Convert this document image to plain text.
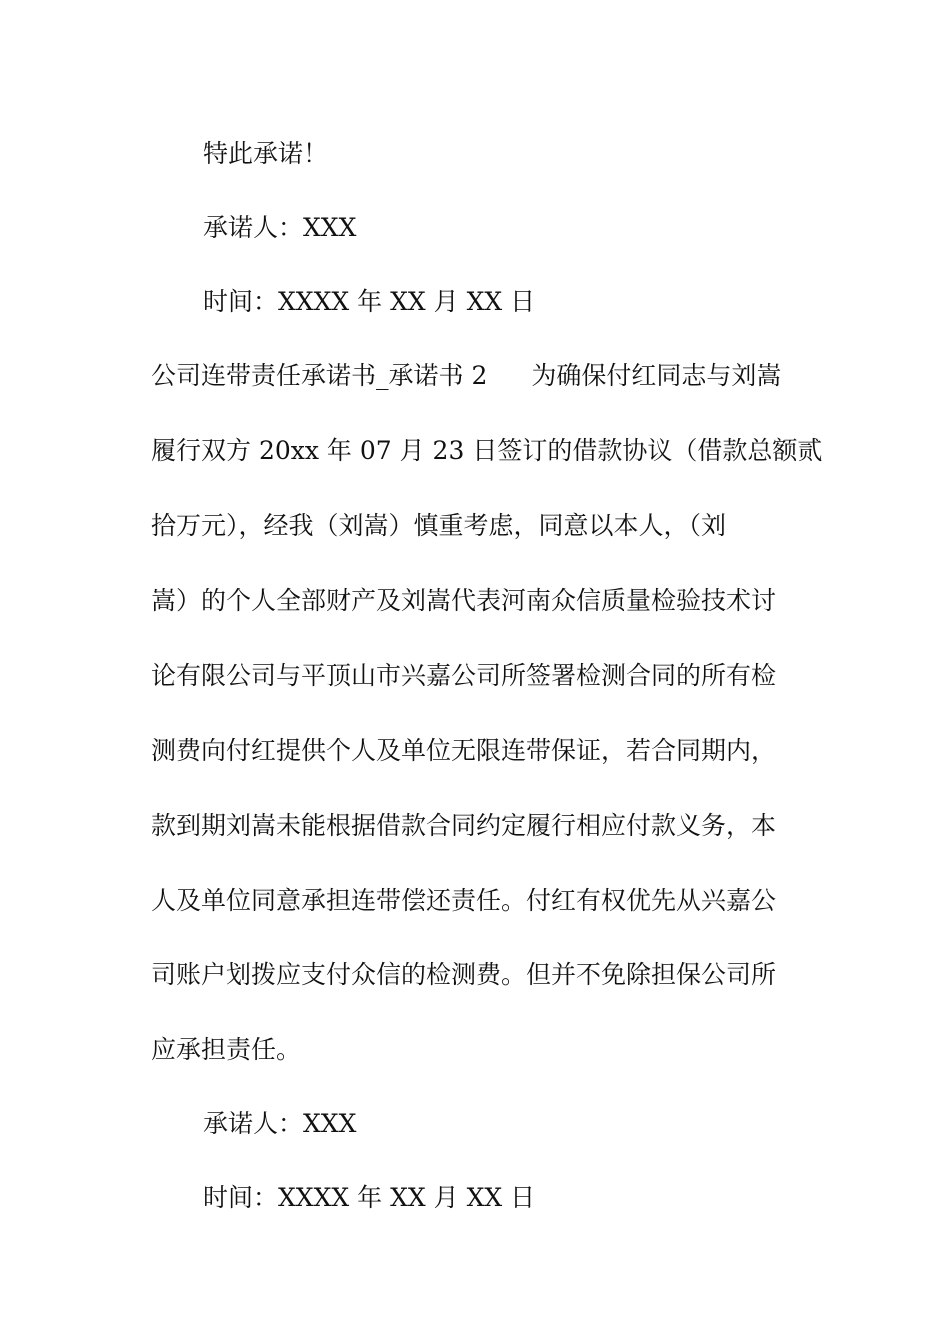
特此承诺！
承诺人：XXX
时间：XXXX 年 XX 月 XX 日
公司连带责任承诺书_承诺书 2 为确保付红同志与刘嵩
履行双方 20xx 年 07 月 23 日签订的借款协议（借款总额贰
拾万元），经我（刘嵩）慎重考虑，同意以本人，（刘
嵩）的个人全部财产及刘嵩代表河南众信质量检验技术讨
论有限公司与平顶山市兴嘉公司所签署检测合同的所有检
测费向付红提供个人及单位无限连带保证，若合同期内，
款到期刘嵩未能根据借款合同约定履行相应付款义务，本
人及单位同意承担连带偿还责任。付红有权优先从兴嘉公
司账户划拨应支付众信的检测费。但并不免除担保公司所
应承担责任。
承诺人：XXX
时间：XXXX 年 XX 月 XX 日
